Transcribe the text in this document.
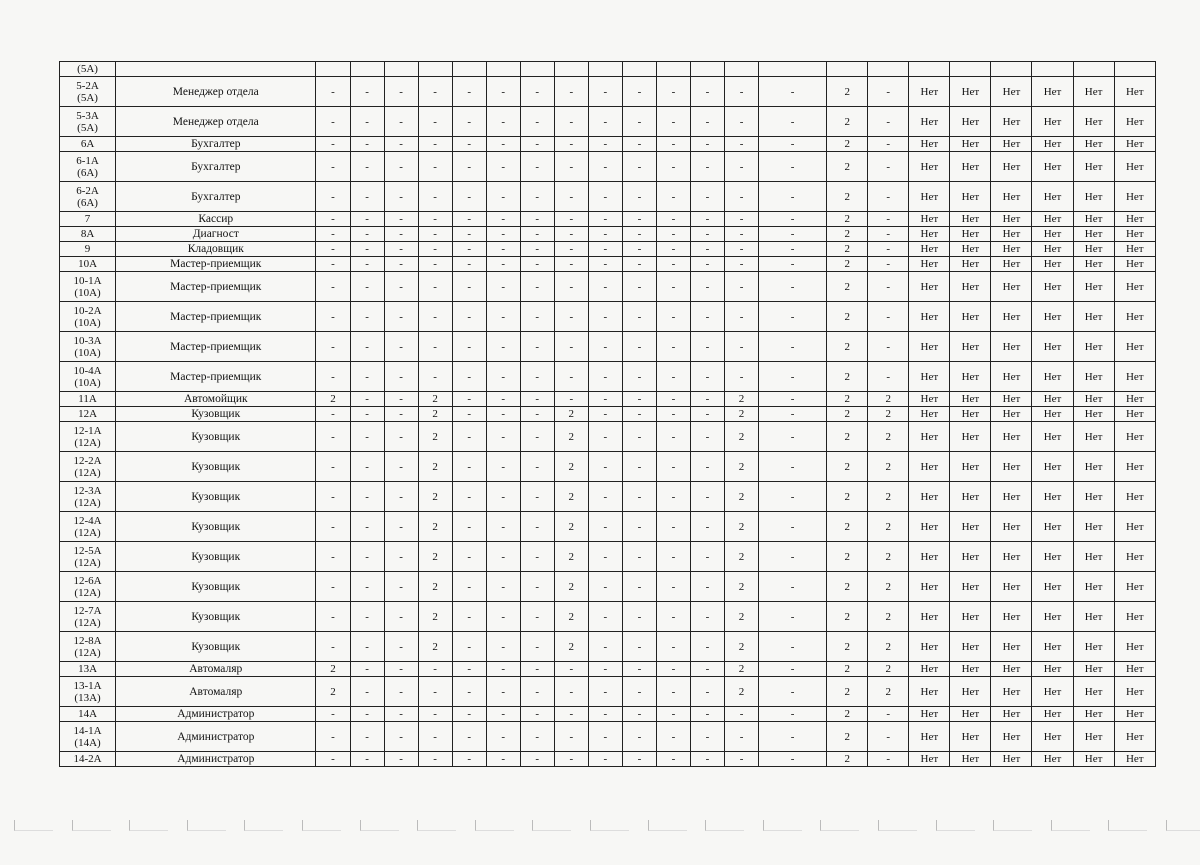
(5А)																							

5-2А
(5А)	Менеджер отдела	-	-	-	-	-	-	-	-	-	-	-	-	-	-	2	-	Нет	Нет	Нет	Нет	Нет	Нет

5-3А
(5А)	Менеджер отдела	-	-	-	-	-	-	-	-	-	-	-	-	-	-	2	-	Нет	Нет	Нет	Нет	Нет	Нет

6А	Бухгалтер	-	-	-	-	-	-	-	-	-	-	-	-	-	-	2	-	Нет	Нет	Нет	Нет	Нет	Нет

6-1А
(6А)	Бухгалтер	-	-	-	-	-	-	-	-	-	-	-	-	-	-	2	-	Нет	Нет	Нет	Нет	Нет	Нет

6-2А
(6А)	Бухгалтер	-	-	-	-	-	-	-	-	-	-	-	-	-	-	2	-	Нет	Нет	Нет	Нет	Нет	Нет

7	Кассир	-	-	-	-	-	-	-	-	-	-	-	-	-	-	2	-	Нет	Нет	Нет	Нет	Нет	Нет

8А	Диагност	-	-	-	-	-	-	-	-	-	-	-	-	-	-	2	-	Нет	Нет	Нет	Нет	Нет	Нет

9	Кладовщик	-	-	-	-	-	-	-	-	-	-	-	-	-	-	2	-	Нет	Нет	Нет	Нет	Нет	Нет

10А	Мастер-приемщик	-	-	-	-	-	-	-	-	-	-	-	-	-	-	2	-	Нет	Нет	Нет	Нет	Нет	Нет

10-1А
(10А)	Мастер-приемщик	-	-	-	-	-	-	-	-	-	-	-	-	-	-	2	-	Нет	Нет	Нет	Нет	Нет	Нет

10-2А
(10А)	Мастер-приемщик	-	-	-	-	-	-	-	-	-	-	-	-	-	-	2	-	Нет	Нет	Нет	Нет	Нет	Нет

10-3А
(10А)	Мастер-приемщик	-	-	-	-	-	-	-	-	-	-	-	-	-	-	2	-	Нет	Нет	Нет	Нет	Нет	Нет

10-4А
(10А)	Мастер-приемщик	-	-	-	-	-	-	-	-	-	-	-	-	-	-	2	-	Нет	Нет	Нет	Нет	Нет	Нет

11А	Автомойщик	2	-	-	2	-	-	-	-	-	-	-	-	2	-	2	2	Нет	Нет	Нет	Нет	Нет	Нет

12А	Кузовщик	-	-	-	2	-	-	-	2	-	-	-	-	2	-	2	2	Нет	Нет	Нет	Нет	Нет	Нет

12-1А
(12А)	Кузовщик	-	-	-	2	-	-	-	2	-	-	-	-	2	-	2	2	Нет	Нет	Нет	Нет	Нет	Нет

12-2А
(12А)	Кузовщик	-	-	-	2	-	-	-	2	-	-	-	-	2	-	2	2	Нет	Нет	Нет	Нет	Нет	Нет

12-3А
(12А)	Кузовщик	-	-	-	2	-	-	-	2	-	-	-	-	2	-	2	2	Нет	Нет	Нет	Нет	Нет	Нет

12-4А
(12А)	Кузовщик	-	-	-	2	-	-	-	2	-	-	-	-	2	-	2	2	Нет	Нет	Нет	Нет	Нет	Нет

12-5А
(12А)	Кузовщик	-	-	-	2	-	-	-	2	-	-	-	-	2	-	2	2	Нет	Нет	Нет	Нет	Нет	Нет

12-6А
(12А)	Кузовщик	-	-	-	2	-	-	-	2	-	-	-	-	2	-	2	2	Нет	Нет	Нет	Нет	Нет	Нет

12-7А
(12А)	Кузовщик	-	-	-	2	-	-	-	2	-	-	-	-	2	-	2	2	Нет	Нет	Нет	Нет	Нет	Нет

12-8А
(12А)	Кузовщик	-	-	-	2	-	-	-	2	-	-	-	-	2	-	2	2	Нет	Нет	Нет	Нет	Нет	Нет

13А	Автомаляр	2	-	-	-	-	-	-	-	-	-	-	-	2	-	2	2	Нет	Нет	Нет	Нет	Нет	Нет

13-1А
(13А)	Автомаляр	2	-	-	-	-	-	-	-	-	-	-	-	2	-	2	2	Нет	Нет	Нет	Нет	Нет	Нет

14А	Администратор	-	-	-	-	-	-	-	-	-	-	-	-	-	-	2	-	Нет	Нет	Нет	Нет	Нет	Нет

14-1А
(14А)	Администратор	-	-	-	-	-	-	-	-	-	-	-	-	-	-	2	-	Нет	Нет	Нет	Нет	Нет	Нет

14-2А	Администратор	-	-	-	-	-	-	-	-	-	-	-	-	-	-	2	-	Нет	Нет	Нет	Нет	Нет	Нет
